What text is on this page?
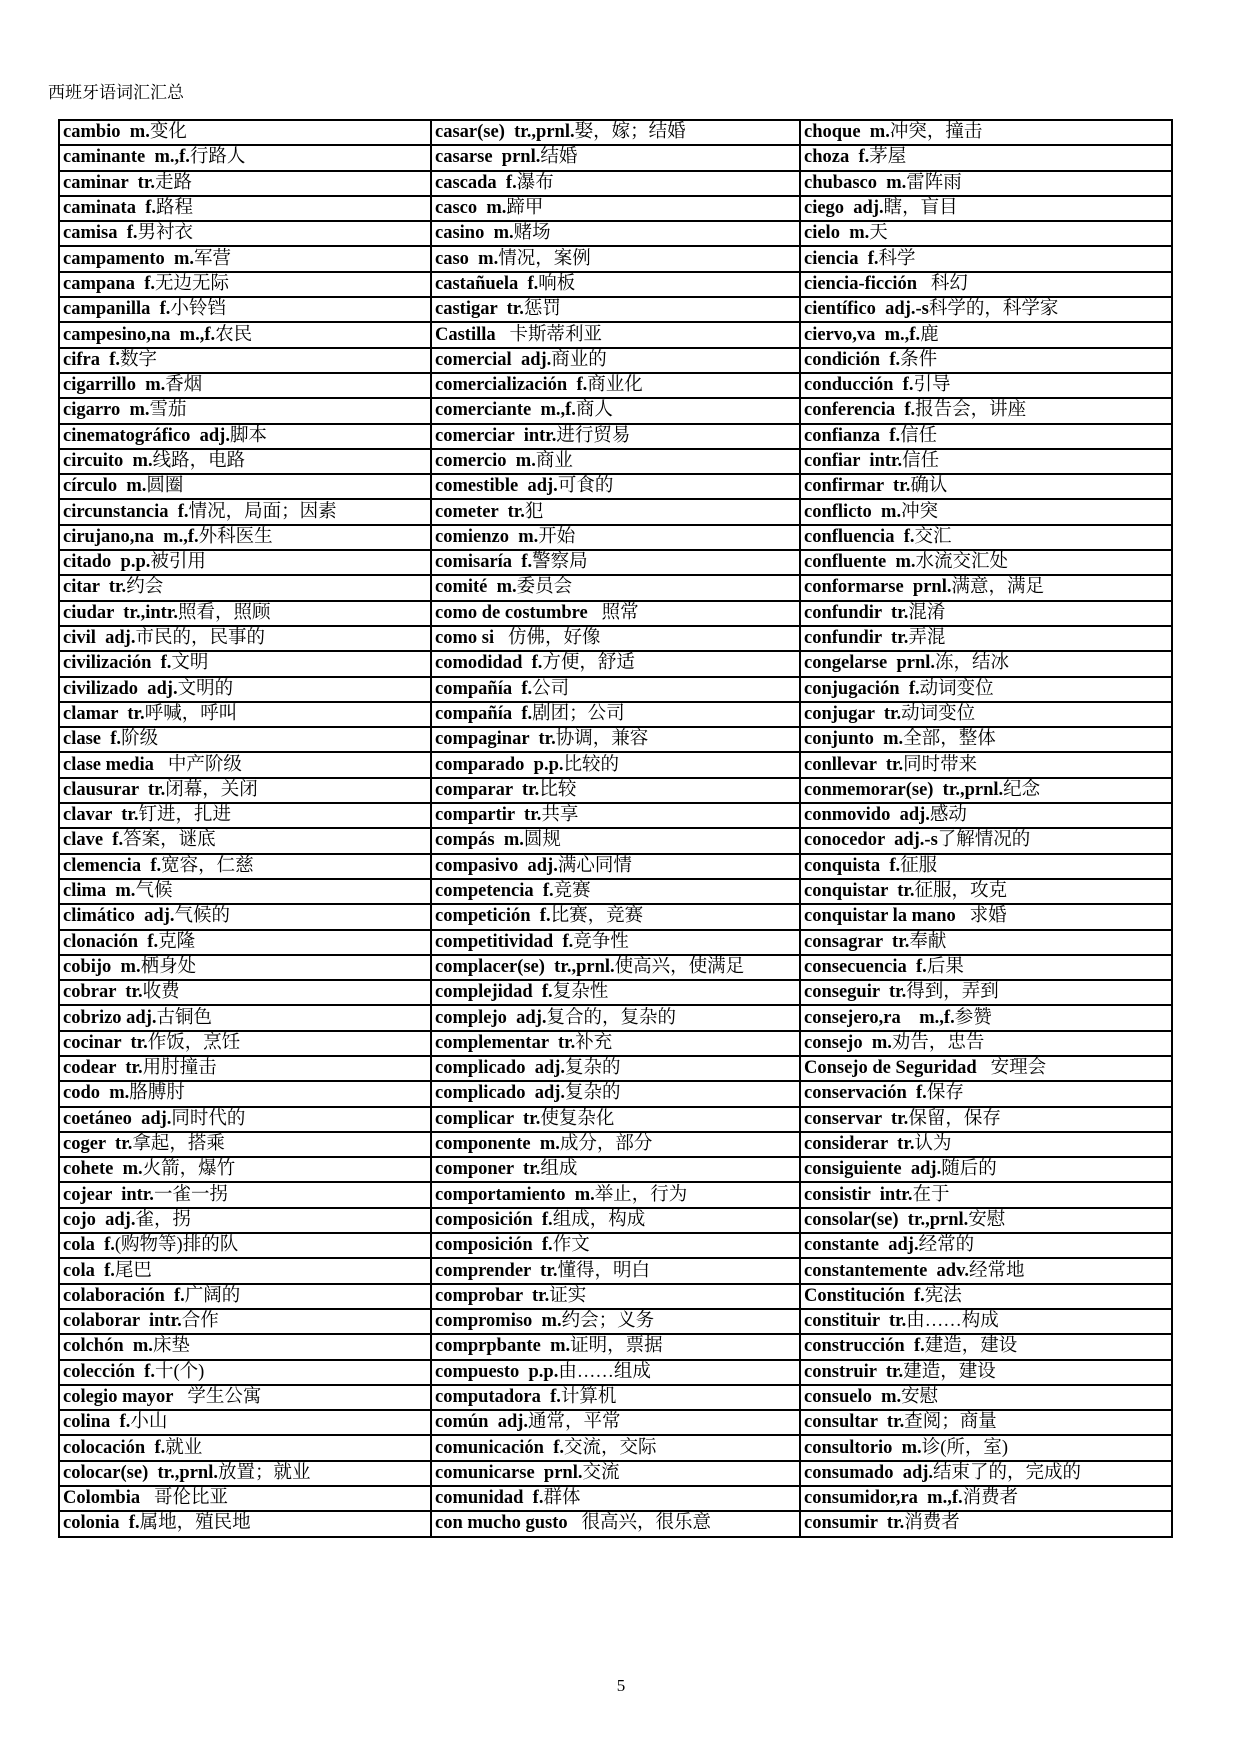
西班牙语词汇汇总
cambio  m.变化	casar(se)  tr.,prnl.娶，嫁；结婚	choque  m.冲突，撞击
caminante  m.,f.行路人	casarse  prnl.结婚	choza  f.茅屋
caminar  tr.走路	cascada  f.瀑布	chubasco  m.雷阵雨
caminata  f.路程	casco  m.蹄甲	ciego  adj.瞎，盲目
camisa  f.男衬衣	casino  m.赌场	cielo  m.天
campamento  m.军营	caso  m.情况，案例	ciencia  f.科学
campana  f.无边无际	castañuela  f.响板	ciencia-ficción   科幻
campanilla  f.小铃铛	castigar  tr.惩罚	científico  adj.-s科学的，科学家
campesino,na  m.,f.农民	Castilla   卡斯蒂利亚	ciervo,va  m.,f.鹿
cifra  f.数字	comercial  adj.商业的	condición  f.条件
cigarrillo  m.香烟	comercialización  f.商业化	conducción  f.引导
cigarro  m.雪茄	comerciante  m.,f.商人	conferencia  f.报告会，讲座
cinematográfico  adj.脚本	comerciar  intr.进行贸易	confianza  f.信任
circuito  m.线路，电路	comercio  m.商业	confiar  intr.信任
círculo  m.圆圈	comestible  adj.可食的	confirmar  tr.确认
circunstancia  f.情况，局面；因素	cometer  tr.犯	conflicto  m.冲突
cirujano,na  m.,f.外科医生	comienzo  m.开始	confluencia  f.交汇
citado  p.p.被引用	comisaría  f.警察局	confluente  m.水流交汇处
citar  tr.约会	comité  m.委员会	conformarse  prnl.满意，满足
ciudar  tr.,intr.照看，照顾	como de costumbre   照常	confundir  tr.混淆
civil  adj.市民的，民事的	como si   仿佛，好像	confundir  tr.弄混
civilización  f.文明	comodidad  f.方便，舒适	congelarse  prnl.冻，结冰
civilizado  adj.文明的	compañía  f.公司	conjugación  f.动词变位
clamar  tr.呼喊，呼叫	compañía  f.剧团；公司	conjugar  tr.动词变位
clase  f.阶级	compaginar  tr.协调，兼容	conjunto  m.全部，整体
clase media   中产阶级	comparado  p.p.比较的	conllevar  tr.同时带来
clausurar  tr.闭幕，关闭	comparar  tr.比较	conmemorar(se)  tr.,prnl.纪念
clavar  tr.钉进，扎进	compartir  tr.共享	conmovido  adj.感动
clave  f.答案，谜底	compás  m.圆规	conocedor  adj.-s了解情况的
clemencia  f.宽容，仁慈	compasivo  adj.满心同情	conquista  f.征服
clima  m.气候	competencia  f.竞赛	conquistar  tr.征服，攻克
climático  adj.气候的	competición  f.比赛，竞赛	conquistar la mano   求婚
clonación  f.克隆	competitividad  f.竞争性	consagrar  tr.奉献
cobijo  m.栖身处	complacer(se)  tr.,prnl.使高兴，使满足	consecuencia  f.后果
cobrar  tr.收费	complejidad  f.复杂性	conseguir  tr.得到，弄到
cobrizo adj.古铜色	complejo  adj.复合的，复杂的	consejero,ra    m.,f.参赞
cocinar  tr.作饭，烹饪	complementar  tr.补充	consejo  m.劝告，忠告
codear  tr.用肘撞击	complicado  adj.复杂的	Consejo de Seguridad   安理会
codo  m.胳膊肘	complicado  adj.复杂的	conservación  f.保存
coetáneo  adj.同时代的	complicar  tr.使复杂化	conservar  tr.保留，保存
coger  tr.拿起，搭乘	componente  m.成分，部分	considerar  tr.认为
cohete  m.火箭，爆竹	componer  tr.组成	consiguiente  adj.随后的
cojear  intr.一雀一拐	comportamiento  m.举止，行为	consistir  intr.在于
cojo  adj.雀，拐	composición  f.组成，构成	consolar(se)  tr.,prnl.安慰
cola  f.(购物等)排的队	composición  f.作文	constante  adj.经常的
cola  f.尾巴	comprender  tr.懂得，明白	constantemente  adv.经常地
colaboración  f.广阔的	comprobar  tr.证实	Constitución  f.宪法
colaborar  intr.合作	compromiso  m.约会；义务	constituir  tr.由……构成
colchón  m.床垫	comprpbante  m.证明，票据	construcción  f.建造，建设
colección  f.十(个)	compuesto  p.p.由……组成	construir  tr.建造，建设
colegio mayor   学生公寓	computadora  f.计算机	consuelo  m.安慰
colina  f.小山	común  adj.通常，平常	consultar  tr.查阅；商量
colocación  f.就业	comunicación  f.交流，交际	consultorio  m.诊(所，室)
colocar(se)  tr.,prnl.放置；就业	comunicarse  prnl.交流	consumado  adj.结束了的，完成的
Colombia   哥伦比亚	comunidad  f.群体	consumidor,ra  m.,f.消费者
colonia  f.属地，殖民地	con mucho gusto   很高兴，很乐意	consumir  tr.消费者
5
